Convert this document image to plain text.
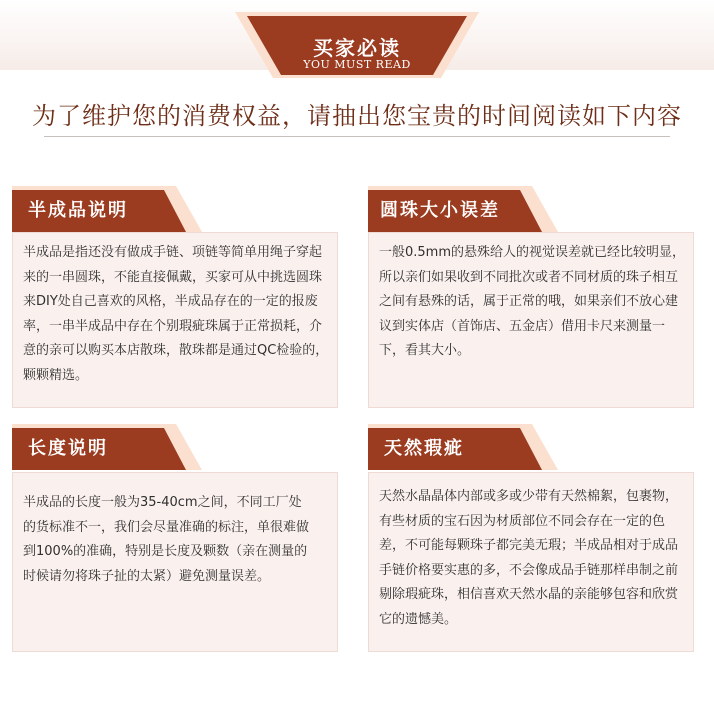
买家必读
YOU MUST READ
为了维护您的消费权益，请抽出您宝贵的时间阅读如下内容
半成品说明
半成品是指还没有做成手链、项链等简单用绳子穿起来的一串圆珠，不能直接佩戴，买家可从中挑选圆珠来DIY处自己喜欢的风格，半成品存在的一定的报废率，一串半成品中存在个别瑕疵珠属于正常损耗，介意的亲可以购买本店散珠，散珠都是通过QC检验的，颗颗精选。
圆珠大小误差
一般0.5mm的悬殊给人的视觉误差就已经比较明显，所以亲们如果收到不同批次或者不同材质的珠子相互之间有悬殊的话，属于正常的哦，如果亲们不放心建议到实体店（首饰店、五金店）借用卡尺来测量一下，看其大小。
长度说明
半成品的长度一般为35-40cm之间，不同工厂处的货标准不一，我们会尽量准确的标注，单很难做到100%的准确，特别是长度及颗数（亲在测量的时候请勿将珠子扯的太紧）避免测量误差。
天然瑕疵
天然水晶晶体内部或多或少带有天然棉絮，包裹物，有些材质的宝石因为材质部位不同会存在一定的色差，不可能每颗珠子都完美无瑕；半成品相对于成品手链价格要实惠的多，不会像成品手链那样串制之前剔除瑕疵珠，相信喜欢天然水晶的亲能够包容和欣赏它的遗憾美。
